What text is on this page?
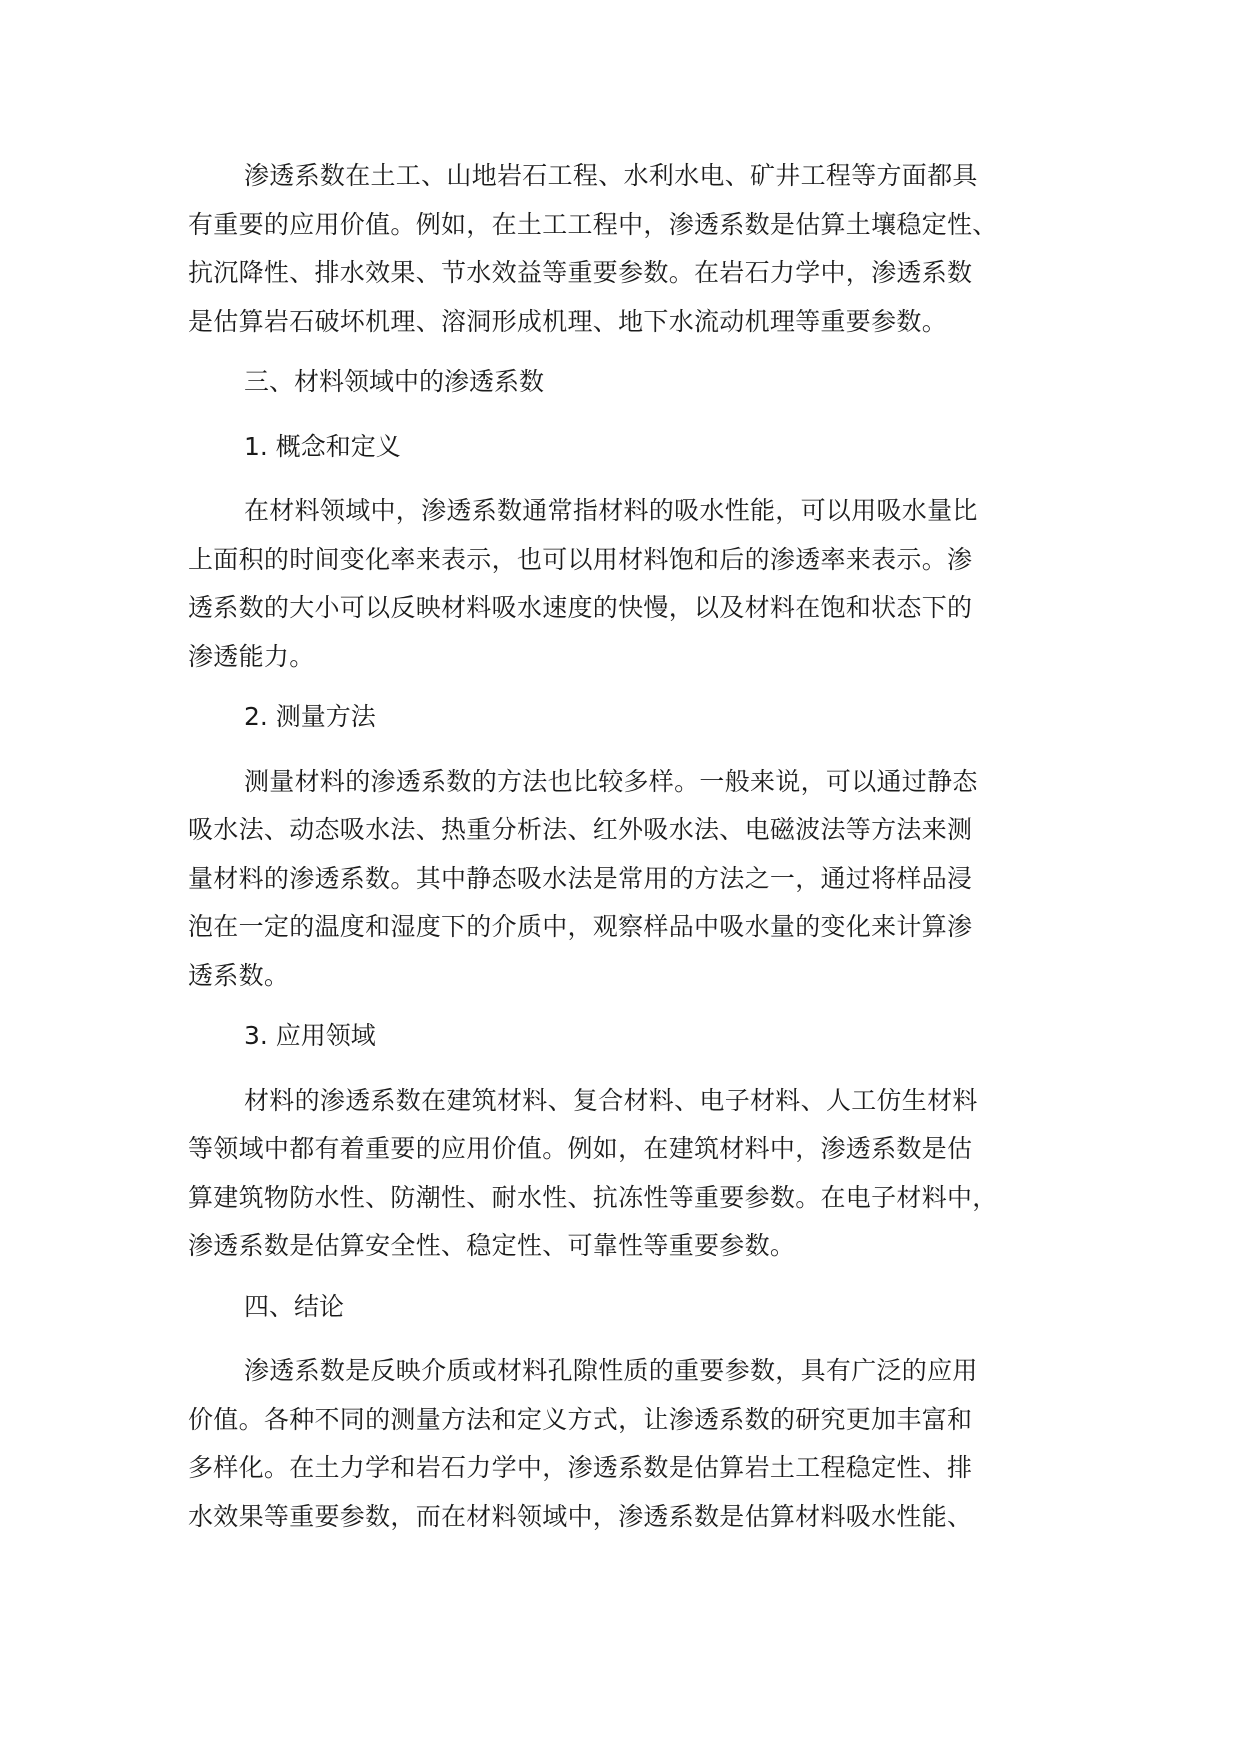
渗透系数在土工、山地岩石工程、水利水电、矿井工程等方面都具
有重要的应用价值。例如，在土工工程中，渗透系数是估算土壤稳定性、
抗沉降性、排水效果、节水效益等重要参数。在岩石力学中，渗透系数
是估算岩石破坏机理、溶洞形成机理、地下水流动机理等重要参数。
三、材料领域中的渗透系数
1. 概念和定义
在材料领域中，渗透系数通常指材料的吸水性能，可以用吸水量比
上面积的时间变化率来表示，也可以用材料饱和后的渗透率来表示。渗
透系数的大小可以反映材料吸水速度的快慢，以及材料在饱和状态下的
渗透能力。
2. 测量方法
测量材料的渗透系数的方法也比较多样。一般来说，可以通过静态
吸水法、动态吸水法、热重分析法、红外吸水法、电磁波法等方法来测
量材料的渗透系数。其中静态吸水法是常用的方法之一，通过将样品浸
泡在一定的温度和湿度下的介质中，观察样品中吸水量的变化来计算渗
透系数。
3. 应用领域
材料的渗透系数在建筑材料、复合材料、电子材料、人工仿生材料
等领域中都有着重要的应用价值。例如，在建筑材料中，渗透系数是估
算建筑物防水性、防潮性、耐水性、抗冻性等重要参数。在电子材料中，
渗透系数是估算安全性、稳定性、可靠性等重要参数。
四、结论
渗透系数是反映介质或材料孔隙性质的重要参数，具有广泛的应用
价值。各种不同的测量方法和定义方式，让渗透系数的研究更加丰富和
多样化。在土力学和岩石力学中，渗透系数是估算岩土工程稳定性、排
水效果等重要参数，而在材料领域中，渗透系数是估算材料吸水性能、
